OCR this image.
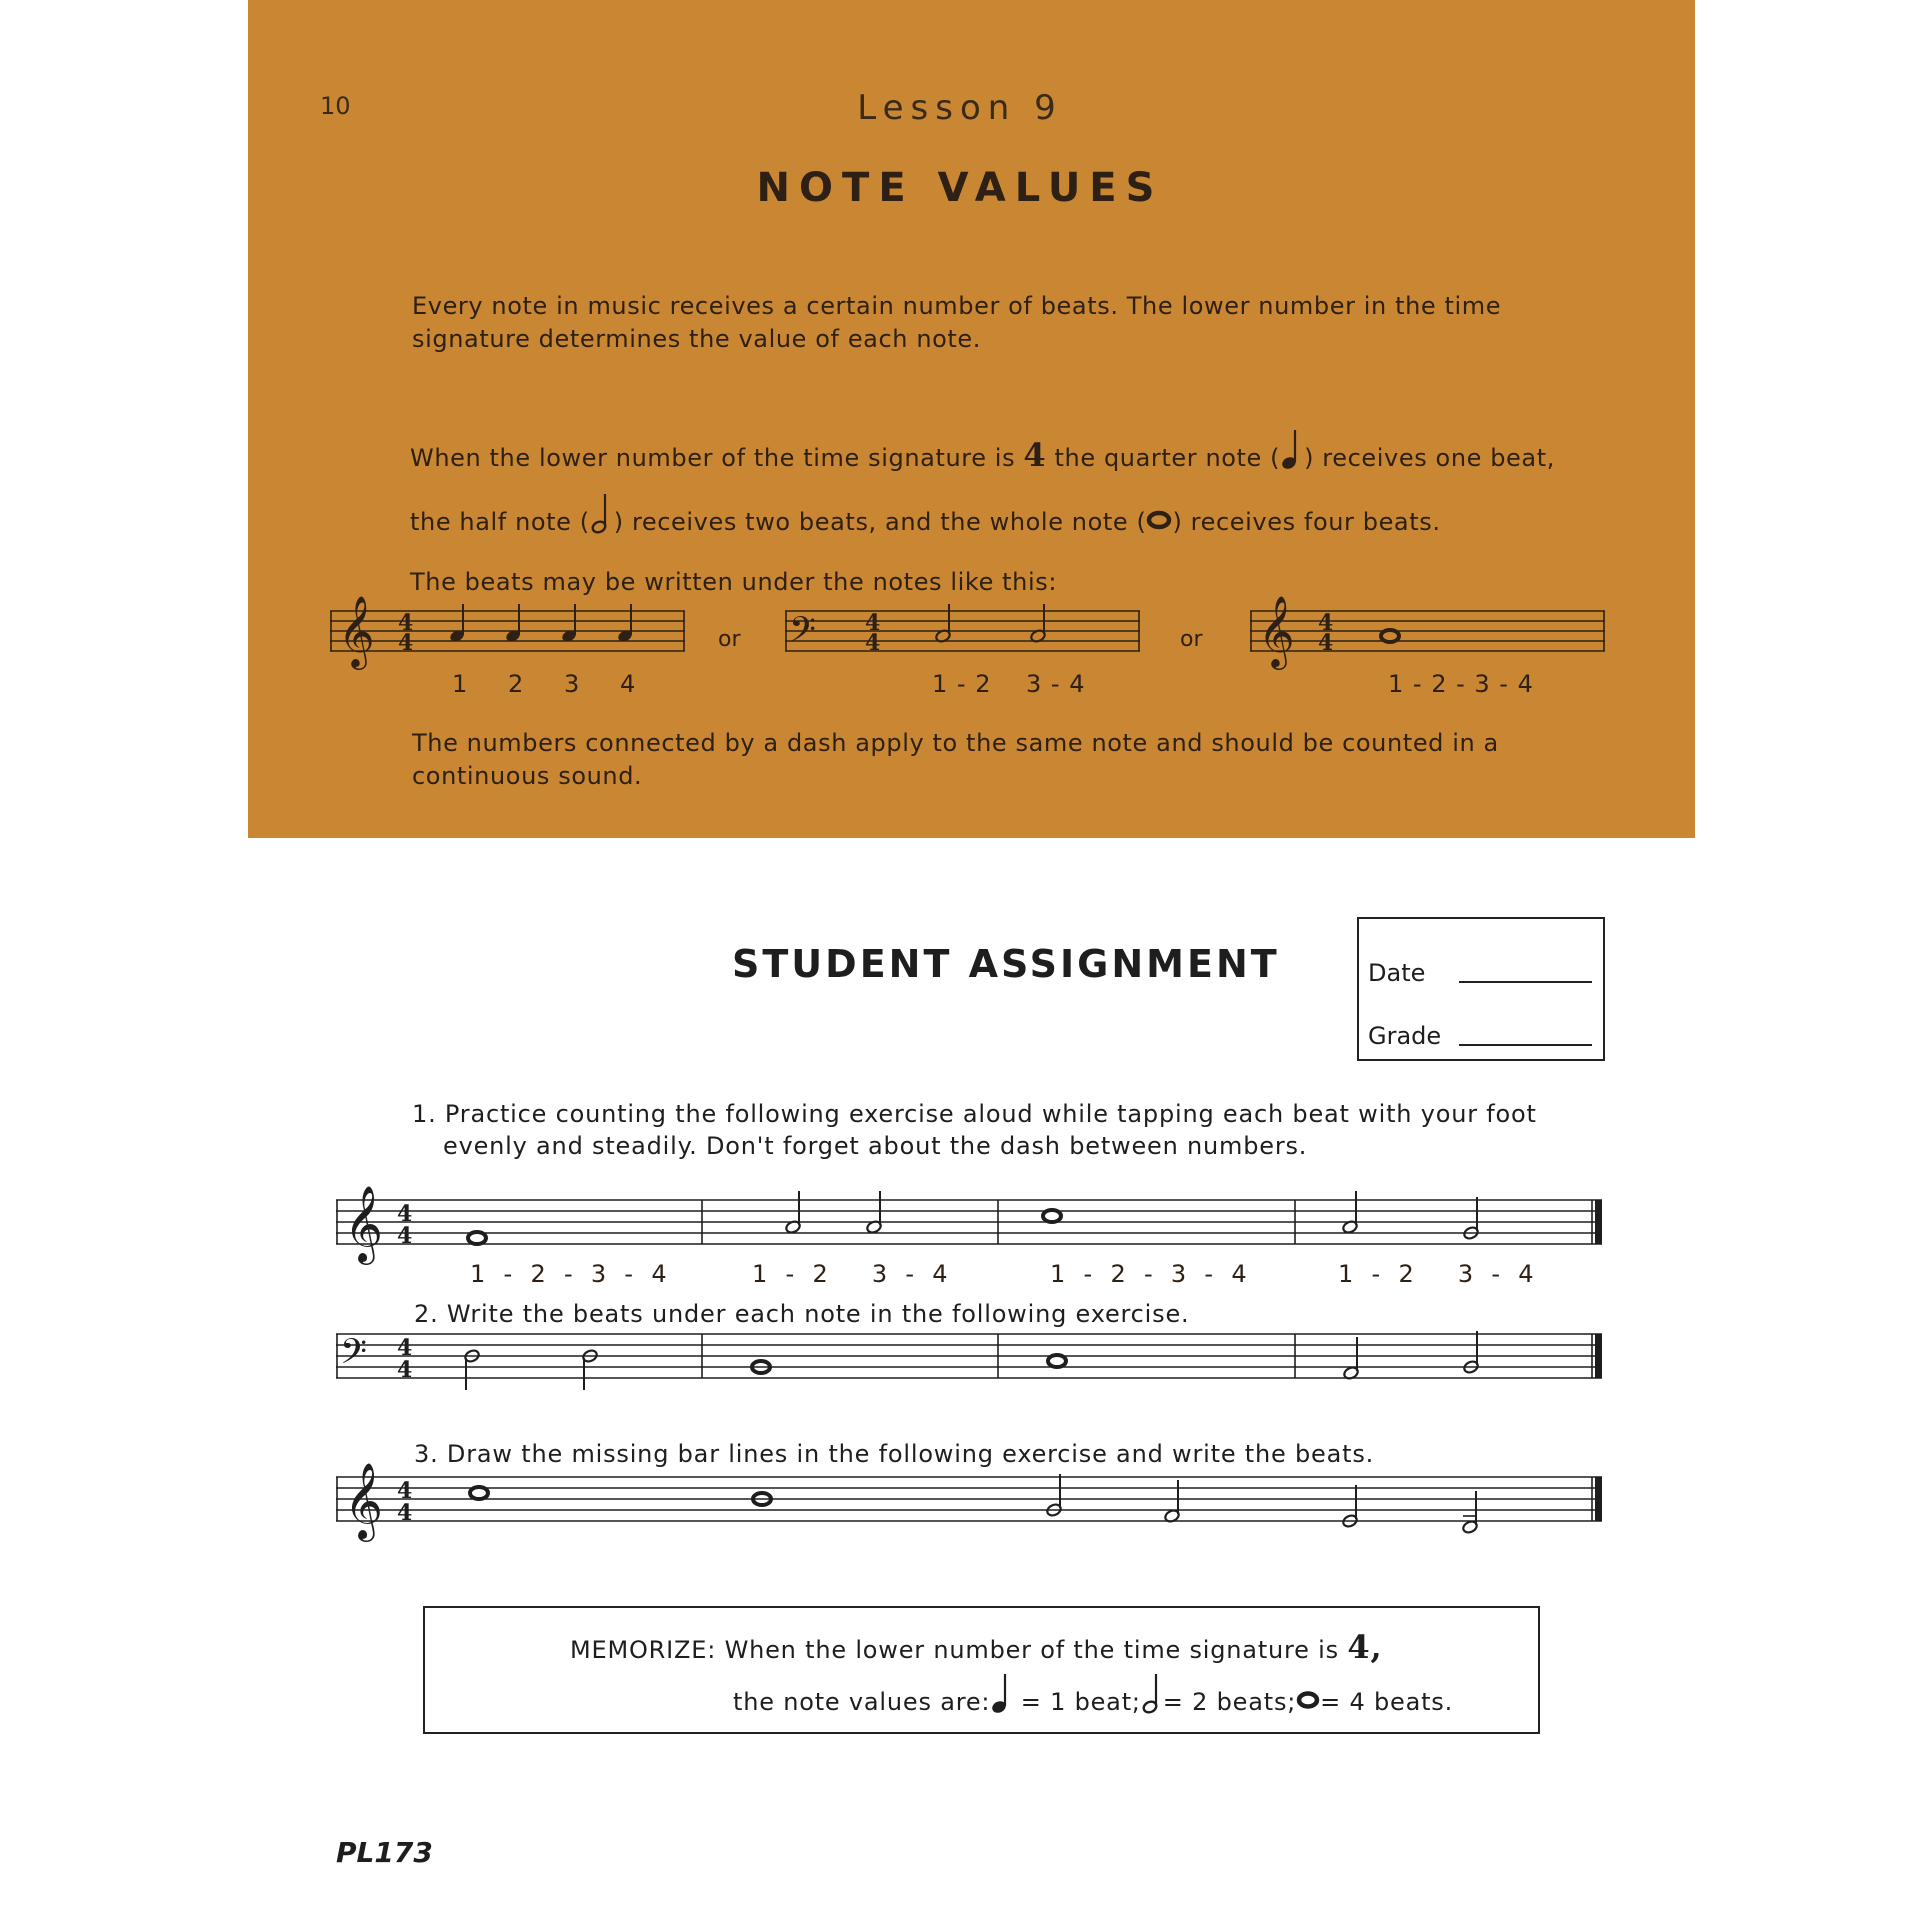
10	Lesson 9
NOTE VALUES
Every note in music receives a certain number of beats. The lower number in the time signature determines the value of each note.
When the lower number of the time signature is 4 the quarter note ( ) receives one beat,
the half note ( ) receives two beats, and the whole note ( ) receives four beats.
The beats may be written under the notes like this:
𝄞 4
4
1 2 3 4
or 𝄢 4
4
1 - 2 3 - 4
or 𝄞 4
4
1 - 2 - 3 - 4
The numbers connected by a dash apply to the same note and should be counted in a continuous sound.
STUDENT ASSIGNMENT	Date
Grade
1. Practice counting the following exercise aloud while tapping each beat with your foot
evenly and steadily. Don't forget about the dash between numbers.
𝄞 4
4
1  -  2  -  3  -  4	1  -  2     3  -  4	1  -  2  -  3  -  4	1  -  2     3  -  4
2. Write the beats under each note in the following exercise.
𝄢 4
4
3. Draw the missing bar lines in the following exercise and write the beats.
𝄞 4
4
MEMORIZE: When the lower number of the time signature is 4,
the note values are: = 1 beat; = 2 beats; = 4 beats.
PL173
